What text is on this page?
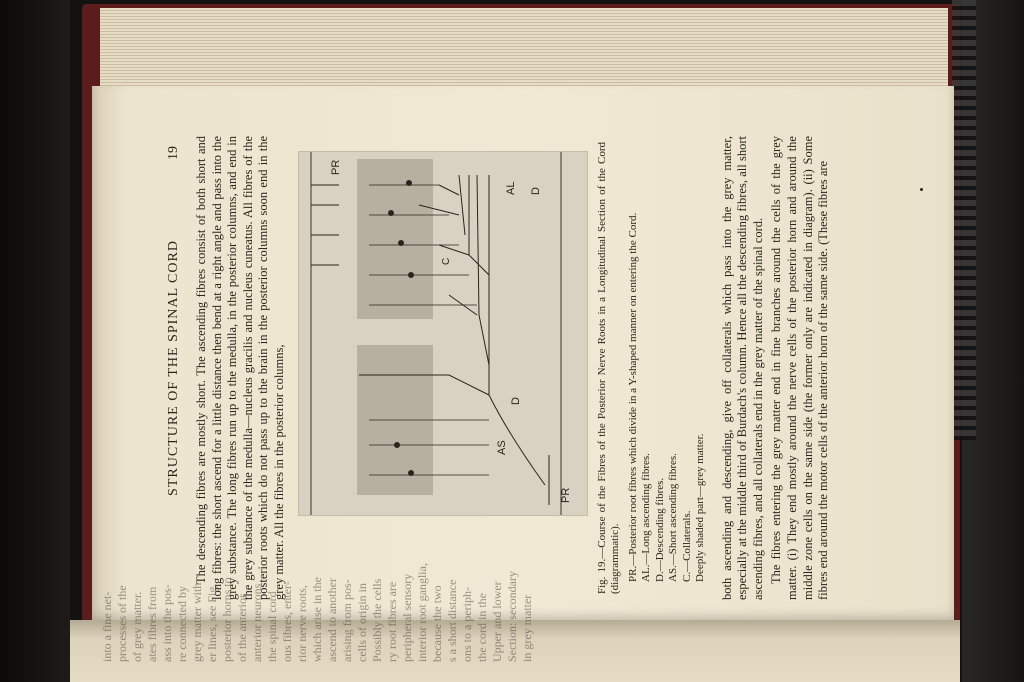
STRUCTURE OF THE SPINAL CORD
19 The descending fibres are mostly short. The ascending fibres consist of both short and long fibres: the short ascend for a little distance then bend at a right angle and pass into the grey substance. The long fibres run up to the medulla, in the posterior columns, and end in the grey substance of the medulla—nucleus gracilis and nucleus cuneatus. All fibres of the posterior roots which do not pass up to the brain in the posterior columns soon end in the grey matter. All the fibres in the posterior columns,

AL
PR
PR
AS
D
D
C	Fig. 19.—Course of the Fibres of the Posterior Nerve Roots in a Longitudinal Section of the Cord (diagrammatic). PR.—Posterior root fibres which divide in a Y-shaped manner on entering the Cord. AL.—Long ascending fibres. D.—Descending fibres. AS.—Short ascending fibres. C.—Collaterals. Deeply shaded part—grey matter. both ascending and descending, give off collaterals which pass into the grey matter, especially at the middle third of Burdach's column. Hence all the descending fibres, all short ascending fibres, and all collaterals end in the grey matter of the spinal cord. The fibres entering the grey matter end in fine branches around the cells of the grey matter. (i) They end mostly around the nerve cells of the posterior horn and around the middle zone cells on the same side (the former only are indicated in diagram). (ii) Some fibres end around the motor cells of the anterior horn of the same side. (These fibres are

into a fine net- processes of the of grey matter. ates fibres from ass into the pos- re connected by grey matter with er lines, see Fig. posterior horns to of the anterior anterior neurons the spinal cord ous fibres, enter- rior nerve roots, which arise in the ascend to another arising from pos- cells of origin in Possibly the cells ry root fibres are peripheral sensory interior root ganglia, because the two s a short distance ons to a periph- the cord in the Upper and lower Section: secondary in grey matter
